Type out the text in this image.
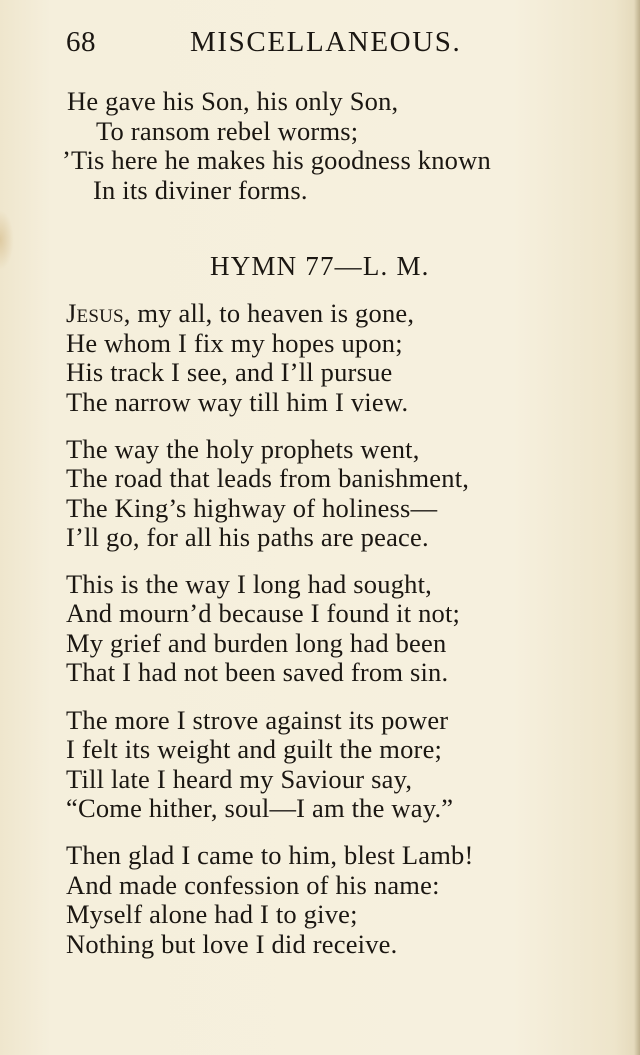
68	MISCELLANEOUS.
He gave his Son, his only Son,
To ransom rebel worms;
’Tis here he makes his goodness known
In its diviner forms.
HYMN 77—L. M.
Jesus, my all, to heaven is gone,
He whom I fix my hopes upon;
His track I see, and I’ll pursue
The narrow way till him I view.
The way the holy prophets went,
The road that leads from banishment,
The King’s highway of holiness—
I’ll go, for all his paths are peace.
This is the way I long had sought,
And mourn’d because I found it not;
My grief and burden long had been
That I had not been saved from sin.
The more I strove against its power
I felt its weight and guilt the more;
Till late I heard my Saviour say,
“Come hither, soul—I am the way.”
Then glad I came to him, blest Lamb!
And made confession of his name:
Myself alone had I to give;
Nothing but love I did receive.
